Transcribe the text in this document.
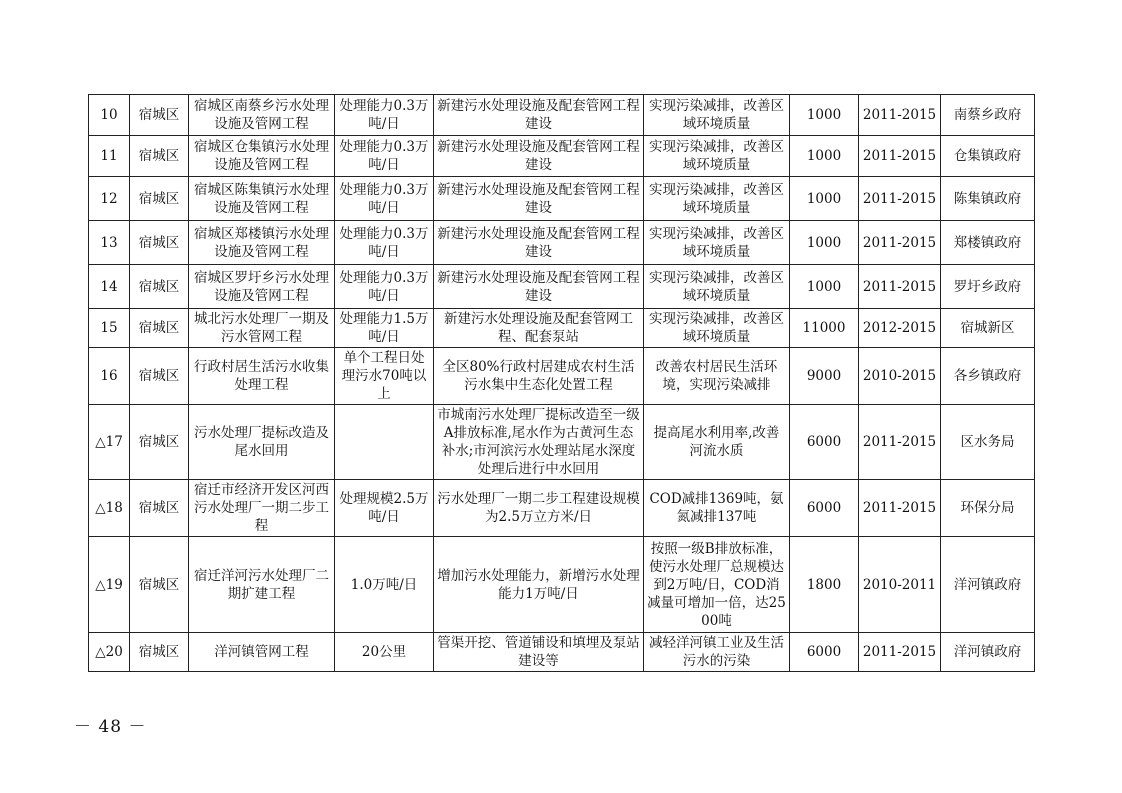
10	宿城区	宿城区南蔡乡污水处理设施及管网工程	处理能力0.3万吨/日	新建污水处理设施及配套管网工程建设	实现污染减排，改善区域环境质量	1000	2011-2015	南蔡乡政府
11	宿城区	宿城区仓集镇污水处理设施及管网工程	处理能力0.3万吨/日	新建污水处理设施及配套管网工程建设	实现污染减排，改善区域环境质量	1000	2011-2015	仓集镇政府
12	宿城区	宿城区陈集镇污水处理设施及管网工程	处理能力0.3万吨/日	新建污水处理设施及配套管网工程建设	实现污染减排，改善区域环境质量	1000	2011-2015	陈集镇政府
13	宿城区	宿城区郑楼镇污水处理设施及管网工程	处理能力0.3万吨/日	新建污水处理设施及配套管网工程建设	实现污染减排，改善区域环境质量	1000	2011-2015	郑楼镇政府
14	宿城区	宿城区罗圩乡污水处理设施及管网工程	处理能力0.3万吨/日	新建污水处理设施及配套管网工程建设	实现污染减排，改善区域环境质量	1000	2011-2015	罗圩乡政府
15	宿城区	城北污水处理厂一期及污水管网工程	处理能力1.5万吨/日	新建污水处理设施及配套管网工程、配套泵站	实现污染减排，改善区域环境质量	11000	2012-2015	宿城新区
16	宿城区	行政村居生活污水收集处理工程	单个工程日处理污水70吨以上	全区80%行政村居建成农村生活污水集中生态化处置工程	改善农村居民生活环境，实现污染减排	9000	2010-2015	各乡镇政府
△17	宿城区	污水处理厂提标改造及尾水回用		市城南污水处理厂提标改造至一级A排放标准,尾水作为古黄河生态补水;市河滨污水处理站尾水深度处理后进行中水回用	提高尾水利用率,改善河流水质	6000	2011-2015	区水务局
△18	宿城区	宿迁市经济开发区河西污水处理厂一期二步工程	处理规模2.5万吨/日	污水处理厂一期二步工程建设规模为2.5万立方米/日	COD减排1369吨，氨氮减排137吨	6000	2011-2015	环保分局
△19	宿城区	宿迁洋河污水处理厂二期扩建工程	1.0万吨/日	增加污水处理能力，新增污水处理能力1万吨/日	按照一级B排放标准，使污水处理厂总规模达到2万吨/日，COD消减量可增加一倍，达2500吨	1800	2010-2011	洋河镇政府
△20	宿城区	洋河镇管网工程	20公里	管渠开挖、管道铺设和填埋及泵站建设等	减轻洋河镇工业及生活污水的污染	6000	2011-2015	洋河镇政府
－ 48 －
